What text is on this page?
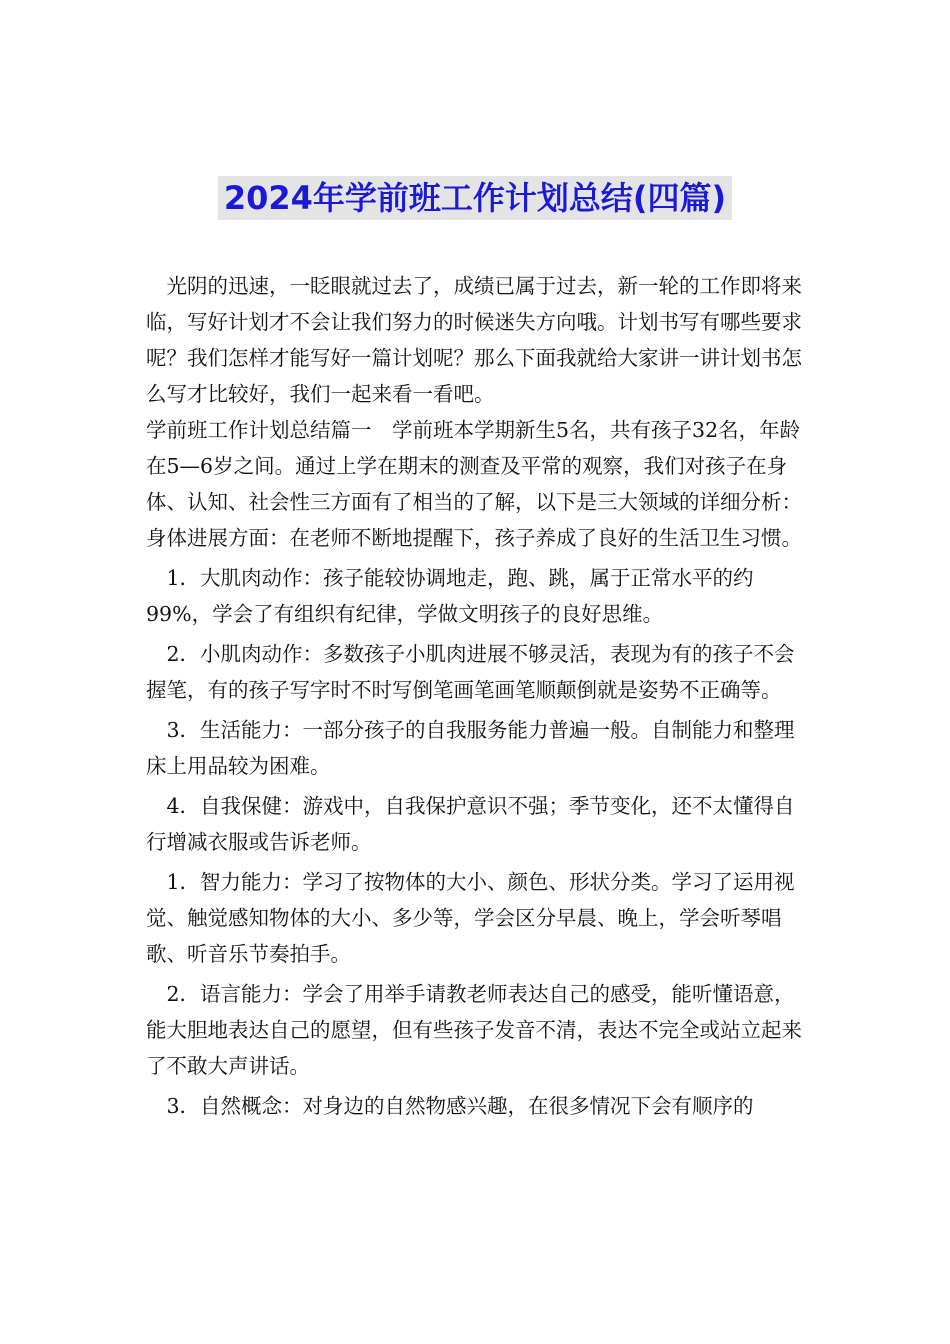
2024年学前班工作计划总结(四篇)

光阴的迅速，一眨眼就过去了，成绩已属于过去，新一轮的工作即将来临，写好计划才不会让我们努力的时候迷失方向哦。计划书写有哪些要求呢？我们怎样才能写好一篇计划呢？那么下面我就给大家讲一讲计划书怎么写才比较好，我们一起来看一看吧。

学前班工作计划总结篇一　学前班本学期新生5名，共有孩子32名，年龄在5—6岁之间。通过上学在期末的测查及平常的观察，我们对孩子在身体、认知、社会性三方面有了相当的了解，以下是三大领域的详细分析：身体进展方面：在老师不断地提醒下，孩子养成了良好的生活卫生习惯。

1．大肌肉动作：孩子能较协调地走，跑、跳，属于正常水平的约99%，学会了有组织有纪律，学做文明孩子的良好思维。

2．小肌肉动作：多数孩子小肌肉进展不够灵活，表现为有的孩子不会握笔，有的孩子写字时不时写倒笔画笔画笔顺颠倒就是姿势不正确等。

3．生活能力：一部分孩子的自我服务能力普遍一般。自制能力和整理床上用品较为困难。

4．自我保健：游戏中，自我保护意识不强；季节变化，还不太懂得自行增减衣服或告诉老师。

1．智力能力：学习了按物体的大小、颜色、形状分类。学习了运用视觉、触觉感知物体的大小、多少等，学会区分早晨、晚上，学会听琴唱歌、听音乐节奏拍手。

2．语言能力：学会了用举手请教老师表达自己的感受，能听懂语意，能大胆地表达自己的愿望，但有些孩子发音不清，表达不完全或站立起来了不敢大声讲话。

3．自然概念：对身边的自然物感兴趣，在很多情况下会有顺序的
